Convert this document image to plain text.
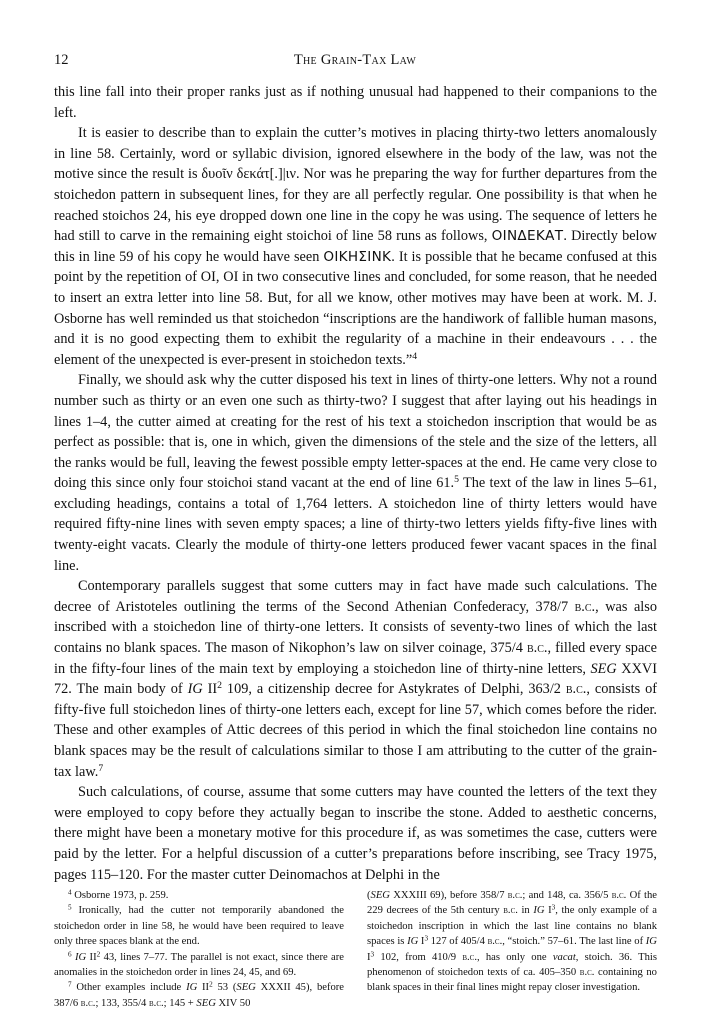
12	The Grain-Tax Law

this line fall into their proper ranks just as if nothing unusual had happened to their companions to the left.

It is easier to describe than to explain the cutter’s motives in placing thirty-two letters anomalously in line 58. Certainly, word or syllabic division, ignored elsewhere in the body of the law, was not the motive since the result is δυοῖν δεκάτ[.]|ιν. Nor was he preparing the way for further departures from the stoichedon pattern in subsequent lines, for they are all perfectly regular. One possibility is that when he reached stoichos 24, his eye dropped down one line in the copy he was using. The sequence of letters he had still to carve in the remaining eight stoichoi of line 58 runs as follows, ΟΙΝΔΕΚΑΤ. Directly below this in line 59 of his copy he would have seen ΟΙΚΗΣΙΝΚ. It is possible that he became confused at this point by the repetition of ΟΙ, ΟΙ in two consecutive lines and concluded, for some reason, that he needed to insert an extra letter into line 58. But, for all we know, other motives may have been at work. M. J. Osborne has well reminded us that stoichedon “inscriptions are the handiwork of fallible human masons, and it is no good expecting them to exhibit the regularity of a machine in their endeavours . . . the element of the unexpected is ever-present in stoichedon texts.”$^4$

Finally, we should ask why the cutter disposed his text in lines of thirty-one letters. Why not a round number such as thirty or an even one such as thirty-two? I suggest that after laying out his headings in lines 1–4, the cutter aimed at creating for the rest of his text a stoichedon inscription that would be as perfect as possible: that is, one in which, given the dimensions of the stele and the size of the letters, all the ranks would be full, leaving the fewest possible empty letter-spaces at the end. He came very close to doing this since only four stoichoi stand vacant at the end of line 61.$^5$ The text of the law in lines 5–61, excluding headings, contains a total of 1,764 letters. A stoichedon line of thirty letters would have required fifty-nine lines with seven empty spaces; a line of thirty-two letters yields fifty-five lines with twenty-eight vacats. Clearly the module of thirty-one letters produced fewer vacant spaces in the final line.

Contemporary parallels suggest that some cutters may in fact have made such calculations. The decree of Aristoteles outlining the terms of the Second Athenian Confederacy, 378/7 b.c., was also inscribed with a stoichedon line of thirty-one letters. It consists of seventy-two lines of which the last contains no blank spaces. The mason of Nikophon’s law on silver coinage, 375/4 b.c., filled every space in the fifty-four lines of the main text by employing a stoichedon line of thirty-nine letters, SEG XXVI 72. The main body of IG $II^2$ 109, a citizenship decree for Astykrates of Delphi, 363/2 b.c., consists of fifty-five full stoichedon lines of thirty-one letters each, except for line 57, which comes before the rider. These and other examples of Attic decrees of this period in which the final stoichedon line contains no blank spaces may be the result of calculations similar to those I am attributing to the cutter of the grain-tax law.$^7$

Such calculations, of course, assume that some cutters may have counted the letters of the text they were employed to copy before they actually began to inscribe the stone. Added to aesthetic concerns, there might have been a monetary motive for this procedure if, as was sometimes the case, cutters were paid by the letter. For a helpful discussion of a cutter’s preparations before inscribing, see Tracy 1975, pages 115–120. For the master cutter Deinomachos at Delphi in the

$^4$ Osborne 1973, p. 259.

$^5$ Ironically, had the cutter not temporarily abandoned the stoichedon order in line 58, he would have been required to leave only three spaces blank at the end.

$^6$ IG $II^2$ 43, lines 7–77. The parallel is not exact, since there are anomalies in the stoichedon order in lines 24, 45, and 69.

$^7$ Other examples include IG $II^2$ 53 (SEG XXXII 45), before 387/6 b.c.; 133, 355/4 b.c.; 145 + SEG XIV 50

(SEG XXXIII 69), before 358/7 b.c.; and 148, ca. 356/5 b.c. Of the 229 decrees of the 5th century b.c. in IG $I^3$, the only example of a stoichedon inscription in which the last line contains no blank spaces is IG $I^3$ 127 of 405/4 b.c., “stoich.” 57–61. The last line of IG $I^3$ 102, from 410/9 b.c., has only one vacat, stoich. 36. This phenomenon of stoichedon texts of ca. 405–350 b.c. containing no blank spaces in their final lines might repay closer investigation.
